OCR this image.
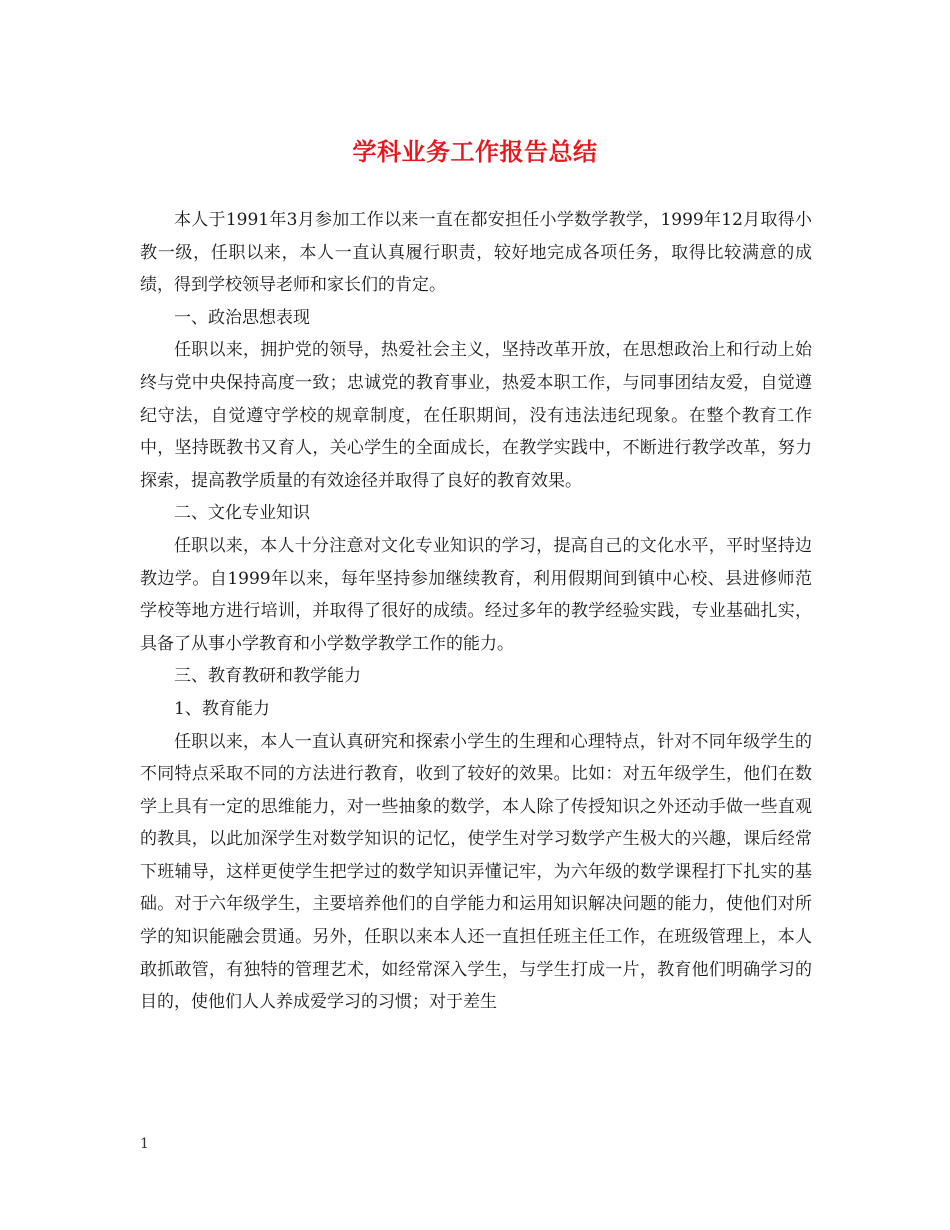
学科业务工作报告总结

本人于1991年3月参加工作以来一直在都安担任小学数学教学，1999年12月取得小教一级，任职以来，本人一直认真履行职责，较好地完成各项任务，取得比较满意的成绩，得到学校领导老师和家长们的肯定。

一、政治思想表现

任职以来，拥护党的领导，热爱社会主义，坚持改革开放，在思想政治上和行动上始终与党中央保持高度一致；忠诚党的教育事业，热爱本职工作，与同事团结友爱，自觉遵纪守法，自觉遵守学校的规章制度，在任职期间，没有违法违纪现象。在整个教育工作中，坚持既教书又育人，关心学生的全面成长，在教学实践中，不断进行教学改革，努力探索，提高教学质量的有效途径并取得了良好的教育效果。

二、文化专业知识

任职以来，本人十分注意对文化专业知识的学习，提高自己的文化水平，平时坚持边教边学。自1999年以来，每年坚持参加继续教育，利用假期间到镇中心校、县进修师范学校等地方进行培训，并取得了很好的成绩。经过多年的教学经验实践，专业基础扎实，具备了从事小学教育和小学数学教学工作的能力。

三、教育教研和教学能力

1、教育能力

任职以来，本人一直认真研究和探索小学生的生理和心理特点，针对不同年级学生的不同特点采取不同的方法进行教育，收到了较好的效果。比如：对五年级学生，他们在数学上具有一定的思维能力，对一些抽象的数学，本人除了传授知识之外还动手做一些直观的教具，以此加深学生对数学知识的记忆，使学生对学习数学产生极大的兴趣，课后经常下班辅导，这样更使学生把学过的数学知识弄懂记牢，为六年级的数学课程打下扎实的基础。对于六年级学生，主要培养他们的自学能力和运用知识解决问题的能力，使他们对所学的知识能融会贯通。另外，任职以来本人还一直担任班主任工作，在班级管理上，本人敢抓敢管，有独特的管理艺术，如经常深入学生，与学生打成一片，教育他们明确学习的目的，使他们人人养成爱学习的习惯；对于差生

1
